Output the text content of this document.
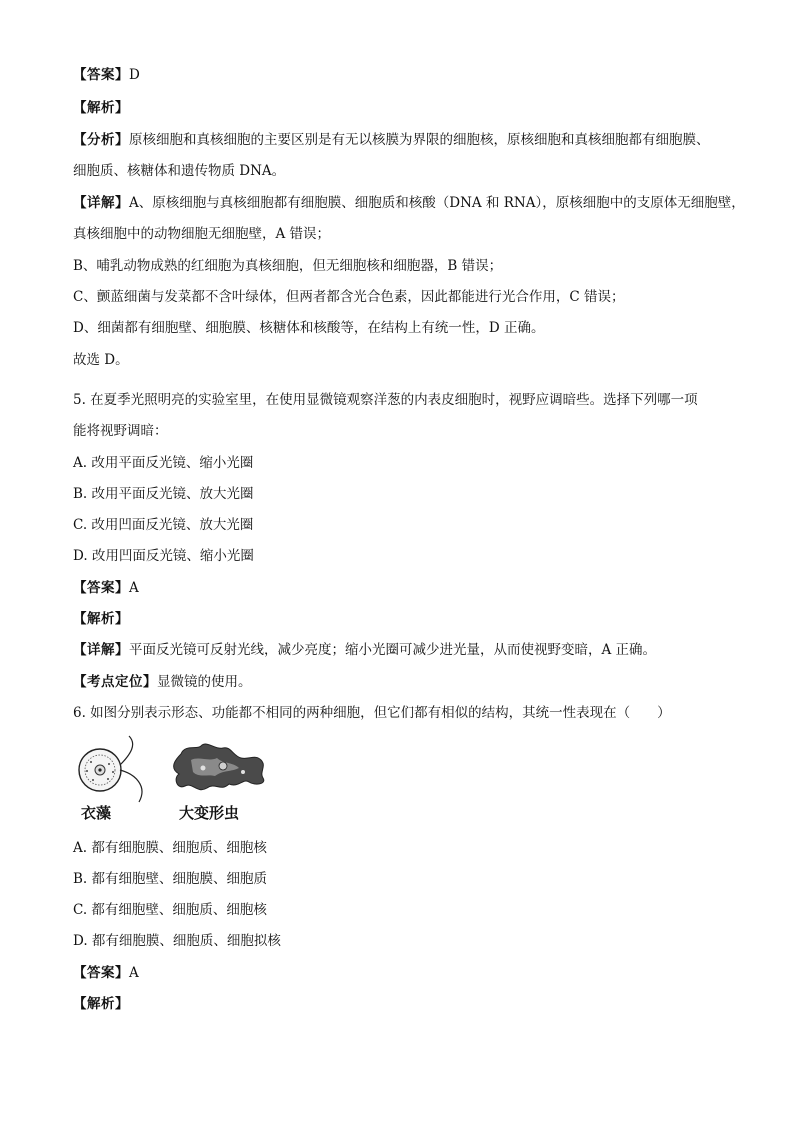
【答案】D
【解析】
【分析】原核细胞和真核细胞的主要区别是有无以核膜为界限的细胞核，原核细胞和真核细胞都有细胞膜、
细胞质、核糖体和遗传物质 DNA。
【详解】A、原核细胞与真核细胞都有细胞膜、细胞质和核酸（DNA 和 RNA），原核细胞中的支原体无细胞壁，
真核细胞中的动物细胞无细胞壁，A 错误；
B、哺乳动物成熟的红细胞为真核细胞，但无细胞核和细胞器，B 错误；
C、颤蓝细菌与发菜都不含叶绿体，但两者都含光合色素，因此都能进行光合作用，C 错误；
D、细菌都有细胞壁、细胞膜、核糖体和核酸等，在结构上有统一性，D 正确。
故选 D。
5. 在夏季光照明亮的实验室里，在使用显微镜观察洋葱的内表皮细胞时，视野应调暗些。选择下列哪一项
能将视野调暗：
A. 改用平面反光镜、缩小光圈
B. 改用平面反光镜、放大光圈
C. 改用凹面反光镜、放大光圈
D. 改用凹面反光镜、缩小光圈
【答案】A
【解析】
【详解】平面反光镜可反射光线，减少亮度；缩小光圈可减少进光量，从而使视野变暗，A 正确。
【考点定位】显微镜的使用。
6. 如图分别表示形态、功能都不相同的两种细胞，但它们都有相似的结构，其统一性表现在（　　）
衣藻	大变形虫
A. 都有细胞膜、细胞质、细胞核
B. 都有细胞壁、细胞膜、细胞质
C. 都有细胞壁、细胞质、细胞核
D. 都有细胞膜、细胞质、细胞拟核
【答案】A
【解析】
